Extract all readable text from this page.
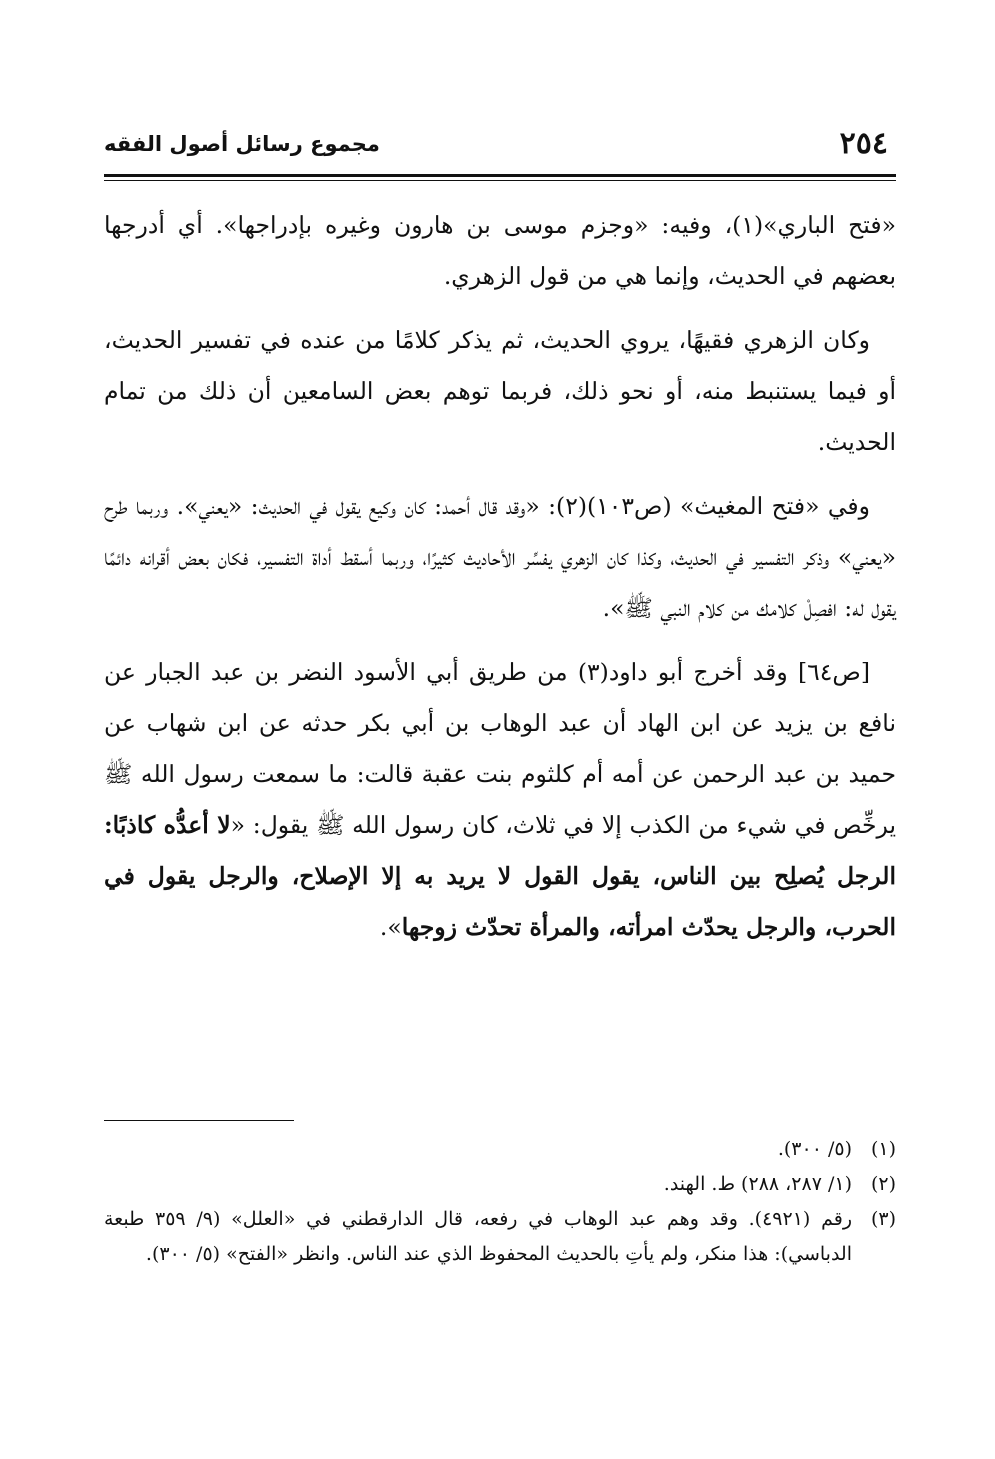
٢٥٤
مجموع رسائل أصول الفقه

«فتح الباري»(١)، وفيه: «وجزم موسى بن هارون وغيره بإدراجها». أي أدرجها بعضهم في الحديث، وإنما هي من قول الزهري.

وكان الزهري فقيهًا، يروي الحديث، ثم يذكر كلامًا من عنده في تفسير الحديث، أو فيما يستنبط منه، أو نحو ذلك، فربما توهم بعض السامعين أن ذلك من تمام الحديث.

وفي «فتح المغيث» (ص١٠٣)(٢): «وقد قال أحمد: كان وكيع يقول في الحديث: «يعني». وربما طرح «يعني» وذكر التفسير في الحديث، وكذا كان الزهري يفسِّر الأحاديث كثيرًا، وربما أسقط أداة التفسير، فكان بعض أقرانه دائمًا يقول له: افصِلْ كلامك من كلام النبي ﷺ».

[ص٦٤] وقد أخرج أبو داود(٣) من طريق أبي الأسود النضر بن عبد الجبار عن نافع بن يزيد عن ابن الهاد أن عبد الوهاب بن أبي بكر حدثه عن ابن شهاب عن حميد بن عبد الرحمن عن أمه أم كلثوم بنت عقبة قالت: ما سمعت رسول الله ﷺ يرخِّص في شيء من الكذب إلا في ثلاث، كان رسول الله ﷺ يقول: «لا أعدُّه كاذبًا: الرجل يُصلِح بين الناس، يقول القول لا يريد به إلا الإصلاح، والرجل يقول في الحرب، والرجل يحدّث امرأته، والمرأة تحدّث زوجها».

(١)
(٥/ ٣٠٠).
(٢)
(١/ ٢٨٧، ٢٨٨) ط. الهند.
(٣)
رقم (٤٩٢١). وقد وهم عبد الوهاب في رفعه، قال الدارقطني في «العلل» (٩/ ٣٥٩ طبعة الدباسي): هذا منكر، ولم يأتِ بالحديث المحفوظ الذي عند الناس. وانظر «الفتح» (٥/ ٣٠٠).
